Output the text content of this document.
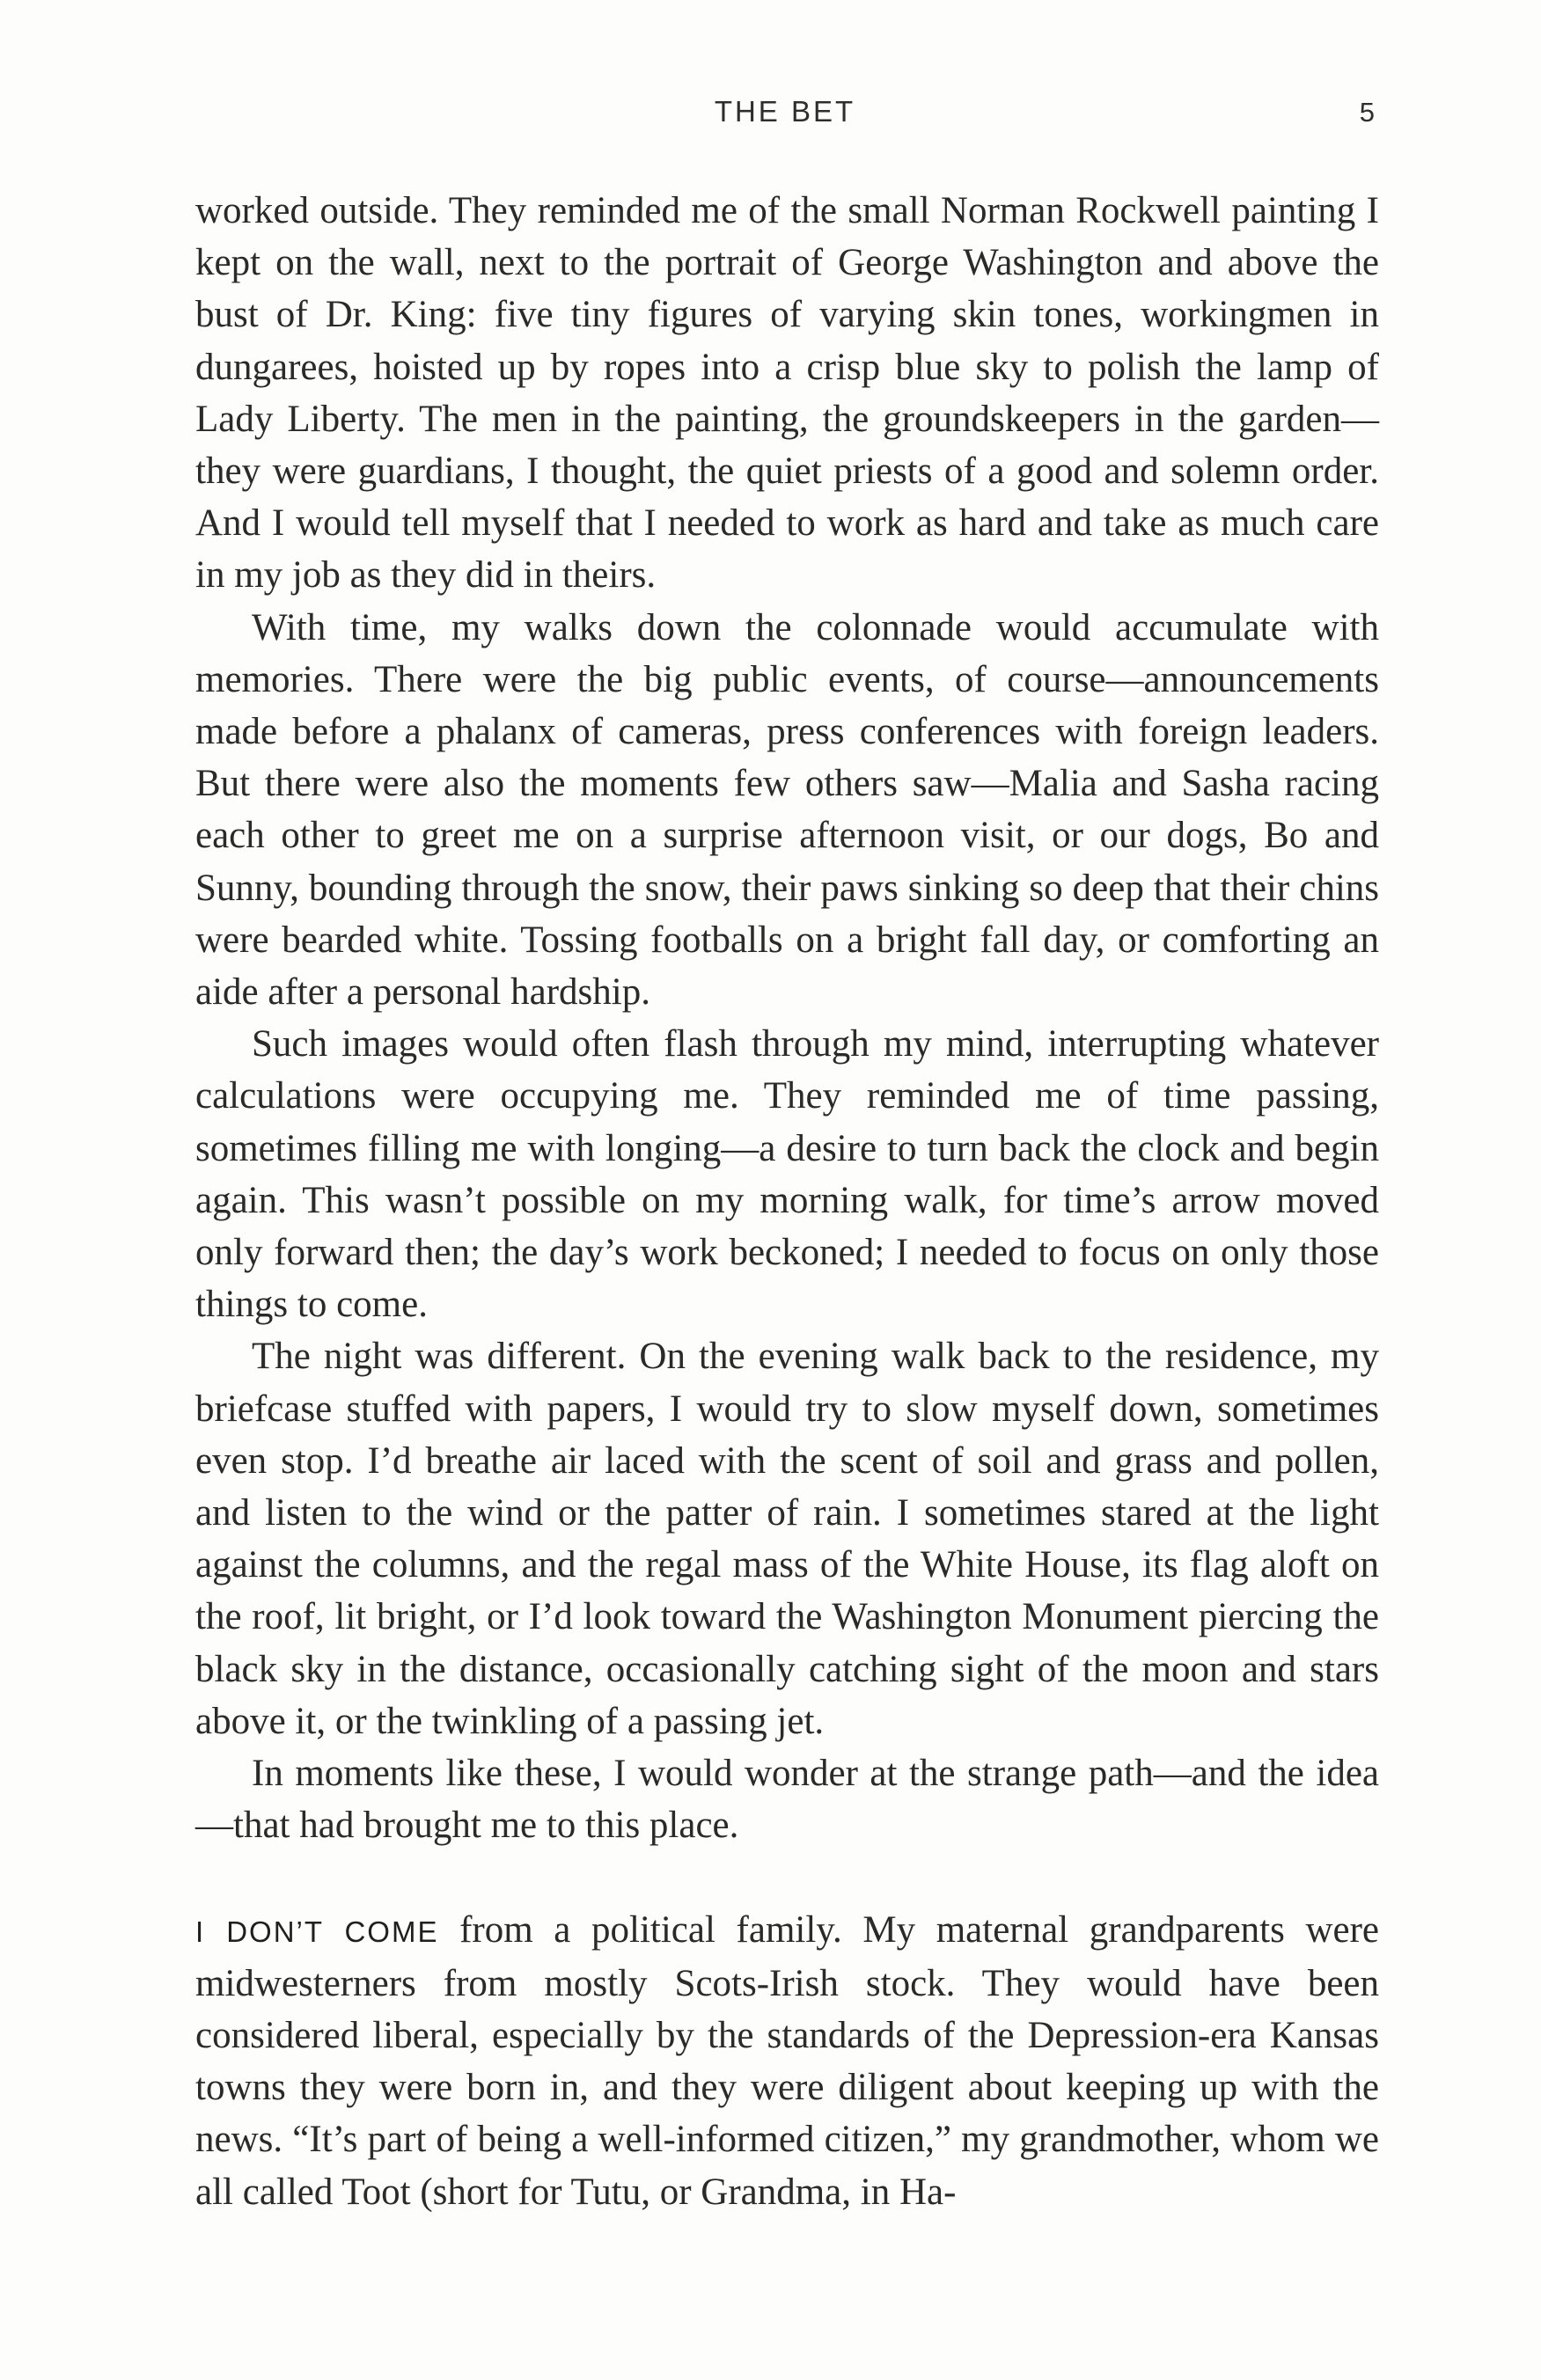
THE BET	5

worked outside. They reminded me of the small Norman Rockwell painting I kept on the wall, next to the portrait of George Washington and above the bust of Dr. King: five tiny figures of varying skin tones, workingmen in dungarees, hoisted up by ropes into a crisp blue sky to polish the lamp of Lady Liberty. The men in the painting, the groundskeepers in the garden—they were guardians, I thought, the quiet priests of a good and solemn order. And I would tell myself that I needed to work as hard and take as much care in my job as they did in theirs.

With time, my walks down the colonnade would accumulate with memories. There were the big public events, of course—announcements made before a phalanx of cameras, press conferences with foreign leaders. But there were also the moments few others saw—Malia and Sasha racing each other to greet me on a surprise afternoon visit, or our dogs, Bo and Sunny, bounding through the snow, their paws sinking so deep that their chins were bearded white. Tossing footballs on a bright fall day, or comforting an aide after a personal hardship.

Such images would often flash through my mind, interrupting whatever calculations were occupying me. They reminded me of time passing, sometimes filling me with longing—a desire to turn back the clock and begin again. This wasn’t possible on my morning walk, for time’s arrow moved only forward then; the day’s work beckoned; I needed to focus on only those things to come.

The night was different. On the evening walk back to the residence, my briefcase stuffed with papers, I would try to slow myself down, sometimes even stop. I’d breathe air laced with the scent of soil and grass and pollen, and listen to the wind or the patter of rain. I sometimes stared at the light against the columns, and the regal mass of the White House, its flag aloft on the roof, lit bright, or I’d look toward the Washington Monument piercing the black sky in the distance, occasionally catching sight of the moon and stars above it, or the twinkling of a passing jet.

In moments like these, I would wonder at the strange path—and the idea—that had brought me to this place.

I DON’T COME from a political family. My maternal grandparents were midwesterners from mostly Scots-Irish stock. They would have been considered liberal, especially by the standards of the Depression-era Kansas towns they were born in, and they were diligent about keeping up with the news. “It’s part of being a well-informed citizen,” my grandmother, whom we all called Toot (short for Tutu, or Grandma, in Ha-
